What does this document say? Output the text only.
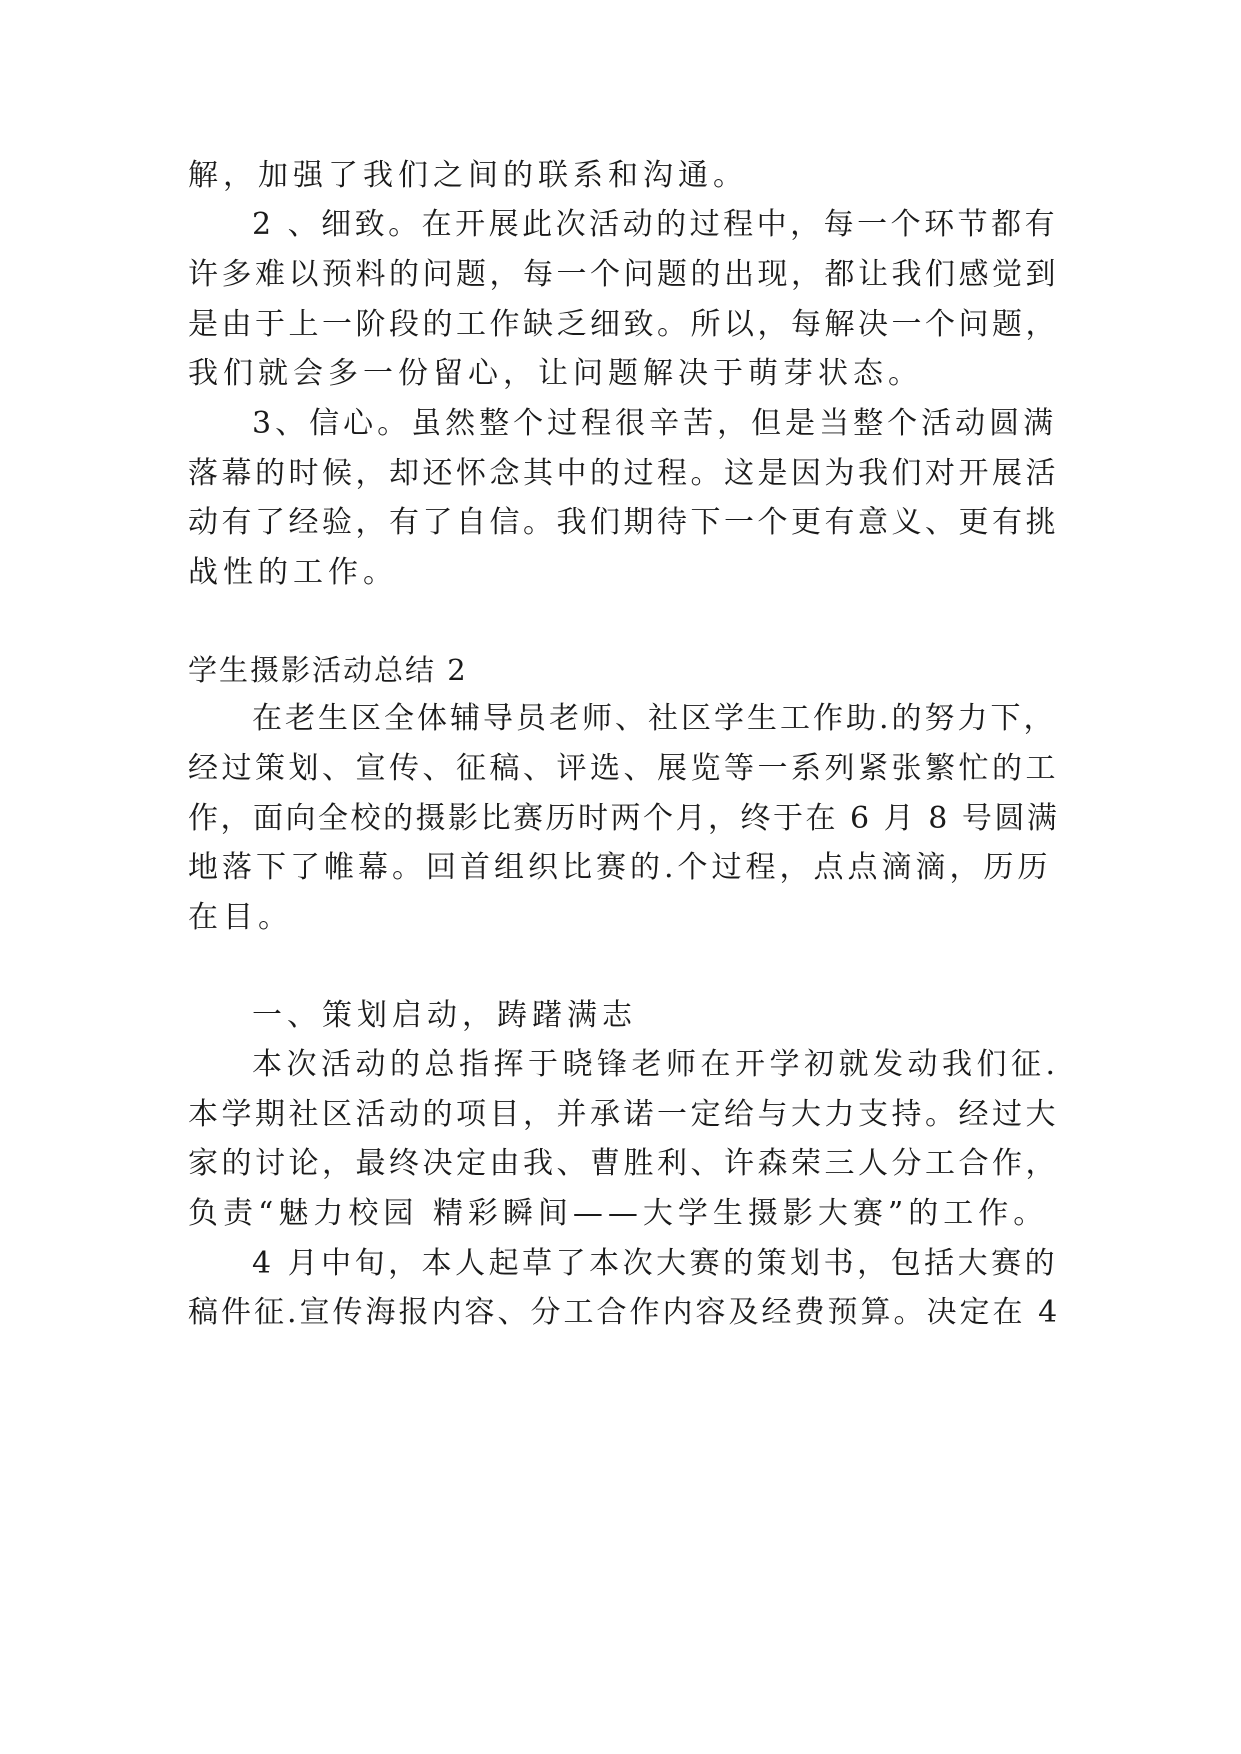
解，加强了我们之间的联系和沟通。

2 、细致。在开展此次活动的过程中，每一个环节都有

许多难以预料的问题，每一个问题的出现，都让我们感觉到

是由于上一阶段的工作缺乏细致。所以，每解决一个问题，

我们就会多一份留心，让问题解决于萌芽状态。

3、信心。虽然整个过程很辛苦，但是当整个活动圆满

落幕的时候，却还怀念其中的过程。这是因为我们对开展活

动有了经验，有了自信。我们期待下一个更有意义、更有挑

战性的工作。

学生摄影活动总结 2

在老生区全体辅导员老师、社区学生工作助.的努力下，

经过策划、宣传、征稿、评选、展览等一系列紧张繁忙的工

作，面向全校的摄影比赛历时两个月，终于在 6 月 8 号圆满

地落下了帷幕。回首组织比赛的.个过程，点点滴滴，历历

在目。

一、策划启动，踌躇满志

本次活动的总指挥于晓锋老师在开学初就发动我们征.

本学期社区活动的项目，并承诺一定给与大力支持。经过大

家的讨论，最终决定由我、曹胜利、许森荣三人分工合作，

负责“魅力校园 精彩瞬间——大学生摄影大赛”的工作。

4 月中旬，本人起草了本次大赛的策划书，包括大赛的

稿件征.宣传海报内容、分工合作内容及经费预算。决定在 4
